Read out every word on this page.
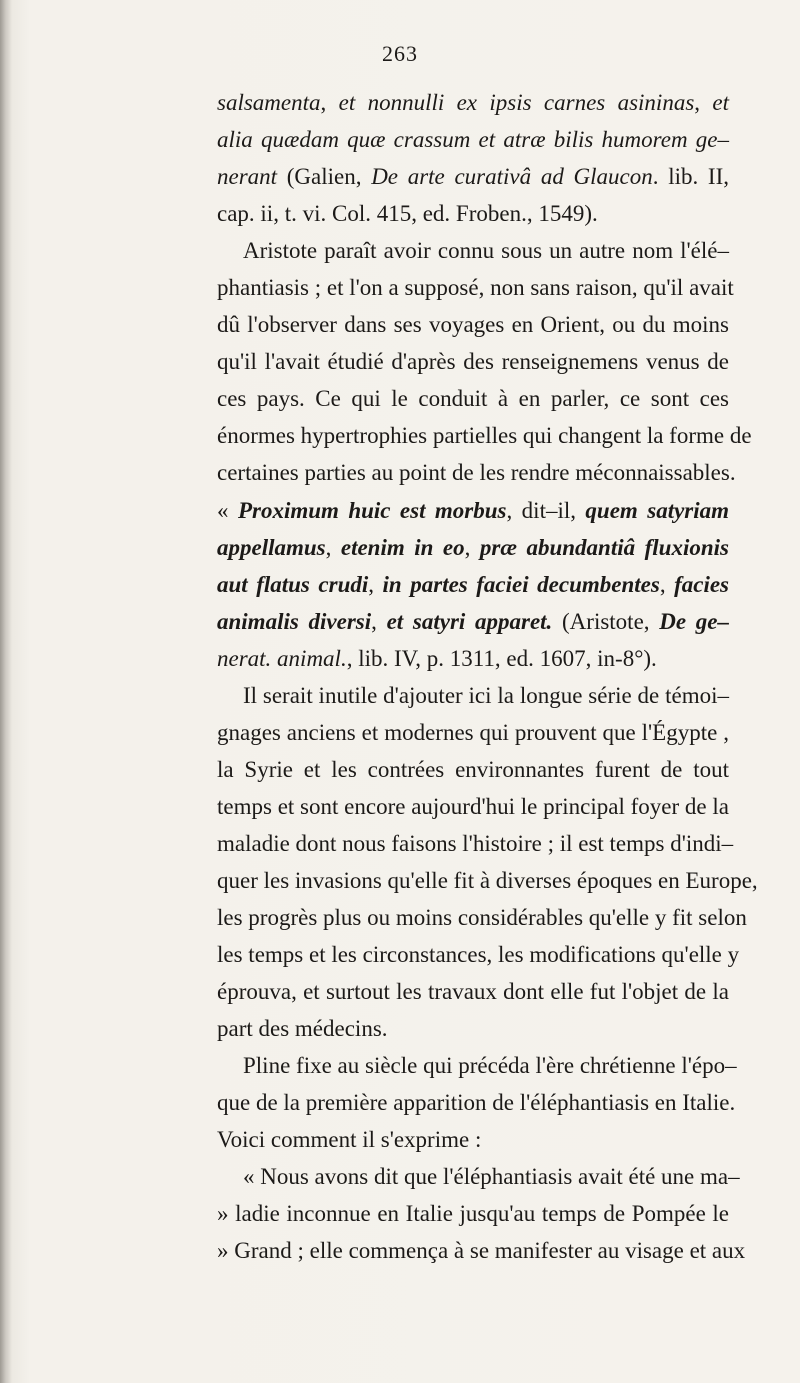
263
salsamenta, et nonnulli ex ipsis carnes asininas, et
alia quædam quæ crassum et atræ bilis humorem ge–
nerant (Galien, De arte curativâ ad Glaucon. lib. II,
cap. ii, t. vi. Col. 415, ed. Froben., 1549).
Aristote paraît avoir connu sous un autre nom l'élé–
phantiasis ; et l'on a supposé, non sans raison, qu'il avait
dû l'observer dans ses voyages en Orient, ou du moins
qu'il l'avait étudié d'après des renseignemens venus de
ces pays. Ce qui le conduit à en parler, ce sont ces
énormes hypertrophies partielles qui changent la forme de
certaines parties au point de les rendre méconnaissables.
« Proximum huic est morbus, dit–il, quem satyriam
appellamus, etenim in eo, præ abundantiâ fluxionis
aut flatus crudi, in partes faciei decumbentes, facies
animalis diversi, et satyri apparet. (Aristote, De ge–
nerat. animal., lib. IV, p. 1311, ed. 1607, in-8°).
Il serait inutile d'ajouter ici la longue série de témoi–
gnages anciens et modernes qui prouvent que l'Égypte ,
la Syrie et les contrées environnantes furent de tout
temps et sont encore aujourd'hui le principal foyer de la
maladie dont nous faisons l'histoire ; il est temps d'indi–
quer les invasions qu'elle fit à diverses époques en Europe,
les progrès plus ou moins considérables qu'elle y fit selon
les temps et les circonstances, les modifications qu'elle y
éprouva, et surtout les travaux dont elle fut l'objet de la
part des médecins.
Pline fixe au siècle qui précéda l'ère chrétienne l'épo–
que de la première apparition de l'éléphantiasis en Italie.
Voici comment il s'exprime :
« Nous avons dit que l'éléphantiasis avait été une ma–
» ladie inconnue en Italie jusqu'au temps de Pompée le
» Grand ; elle commença à se manifester au visage et aux
